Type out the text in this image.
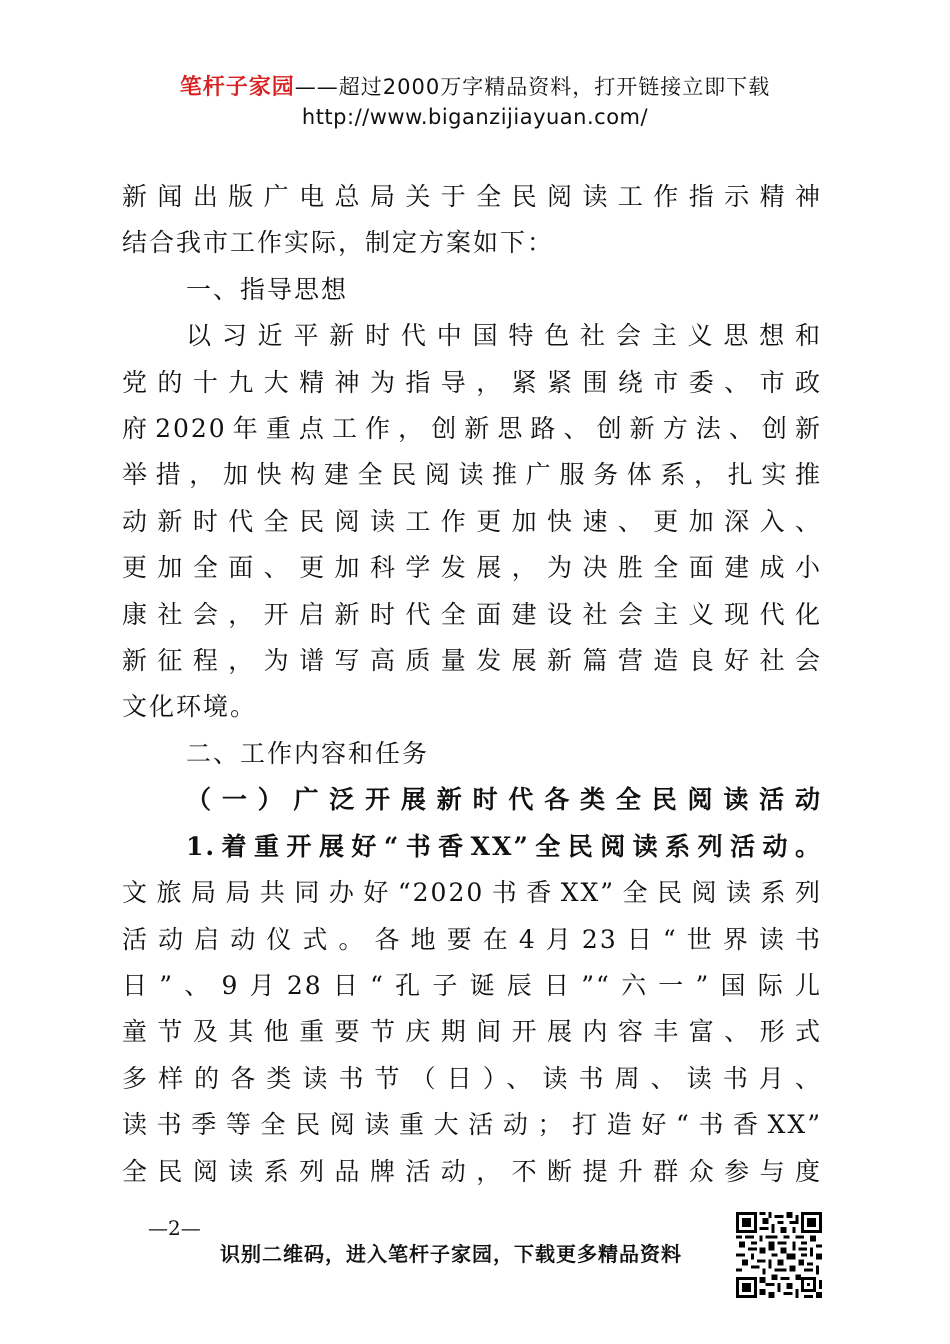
笔杆子家园——超过2000万字精品资料，打开链接立即下载
http://www.biganzijiayuan.com/

新闻出版广电总局关于全民阅读工作指示精神

结合我市工作实际，制定方案如下：

一、指导思想

以习近平新时代中国特色社会主义思想和

党的十九大精神为指导，紧紧围绕市委、市政

府2020年重点工作，创新思路、创新方法、创新

举措，加快构建全民阅读推广服务体系，扎实推

动新时代全民阅读工作更加快速、更加深入、

更加全面、更加科学发展，为决胜全面建成小

康社会，开启新时代全面建设社会主义现代化

新征程，为谱写高质量发展新篇营造良好社会

文化环境。

二、工作内容和任务

（一）广泛开展新时代各类全民阅读活动

1.着重开展好“书香XX”全民阅读系列活动。

文旅局局共同办好“2020书香XX”全民阅读系列

活动启动仪式。各地要在4月23日“世界读书

日”、9月28日“孔子诞辰日”“六一”国际儿

童节及其他重要节庆期间开展内容丰富、形式

多样的各类读书节（日）、读书周、读书月、

读书季等全民阅读重大活动；打造好“书香XX”

全民阅读系列品牌活动，不断提升群众参与度

—2—
识别二维码，进入笔杆子家园，下载更多精品资料
